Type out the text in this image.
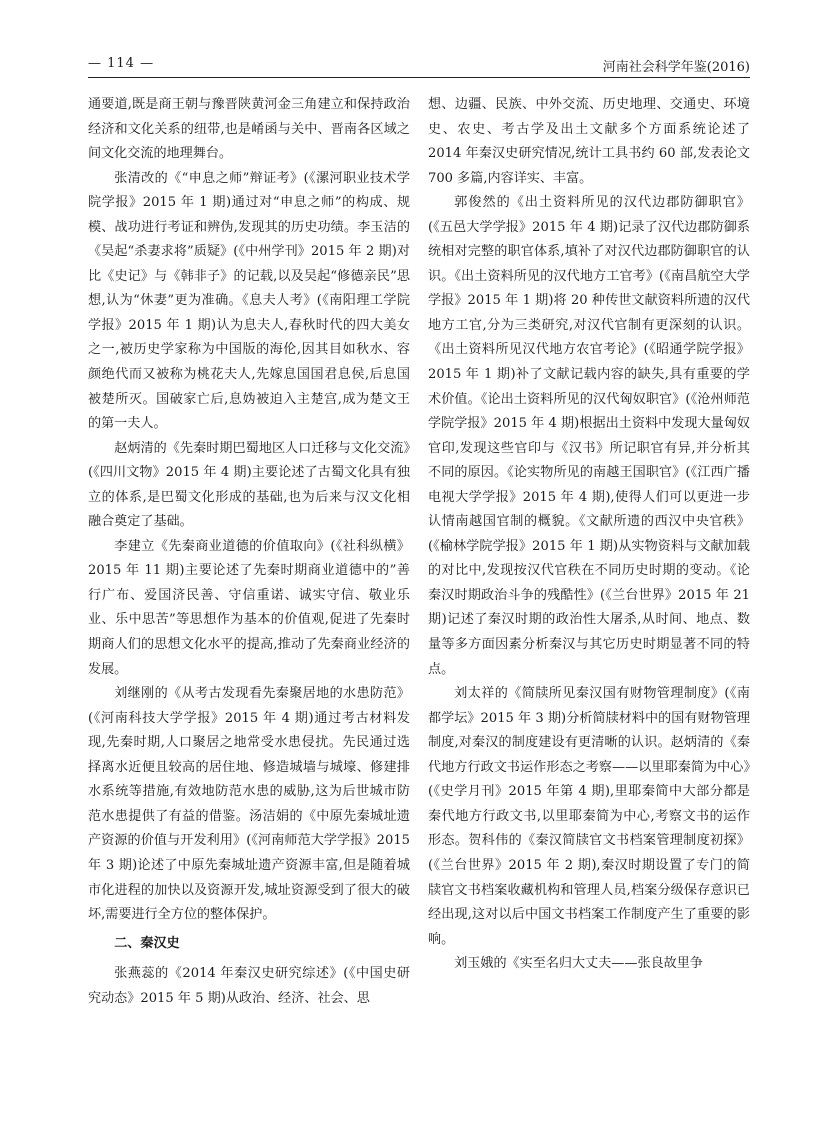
— 114 —	河南社会科学年鉴(2016)

通要道,既是商王朝与豫晋陕黄河金三角建立和保持政治经济和文化关系的纽带,也是崤函与关中、晋南各区域之间文化交流的地理舞台。

张清改的《“申息之师”辩证考》(《漯河职业技术学院学报》2015 年 1 期)通过对“申息之师”的构成、规模、战功进行考证和辨伪,发现其的历史功绩。李玉洁的《吴起“杀妻求将”质疑》(《中州学刊》2015 年 2 期)对比《史记》与《韩非子》的记载,以及吴起“修德亲民”思想,认为“休妻”更为准确。《息夫人考》(《南阳理工学院学报》2015 年 1 期)认为息夫人,春秋时代的四大美女之一,被历史学家称为中国版的海伦,因其目如秋水、容颜绝代而又被称为桃花夫人,先嫁息国国君息侯,后息国被楚所灭。国破家亡后,息妫被迫入主楚宫,成为楚文王的第一夫人。

赵炳清的《先秦时期巴蜀地区人口迁移与文化交流》(《四川文物》2015 年 4 期)主要论述了古蜀文化具有独立的体系,是巴蜀文化形成的基础,也为后来与汉文化相融合奠定了基础。

李建立《先秦商业道德的价值取向》(《社科纵横》2015 年 11 期)主要论述了先秦时期商业道德中的”善行广布、爱国济民善、守信重诺、诚实守信、敬业乐业、乐中思苦”等思想作为基本的价值观,促进了先秦时期商人们的思想文化水平的提高,推动了先秦商业经济的发展。

刘继刚的《从考古发现看先秦聚居地的水患防范》(《河南科技大学学报》2015 年 4 期)通过考古材料发现,先秦时期,人口聚居之地常受水患侵扰。先民通过选择离水近便且较高的居住地、修造城墙与城壕、修建排水系统等措施,有效地防范水患的威胁,这为后世城市防范水患提供了有益的借鉴。汤洁娟的《中原先秦城址遗产资源的价值与开发利用》(《河南师范大学学报》2015 年 3 期)论述了中原先秦城址遗产资源丰富,但是随着城市化进程的加快以及资源开发,城址资源受到了很大的破坏,需要进行全方位的整体保护。

二、秦汉史

张燕蕊的《2014 年秦汉史研究综述》(《中国史研究动态》2015 年 5 期)从政治、经济、社会、思

想、边疆、民族、中外交流、历史地理、交通史、环境史、农史、考古学及出土文献多个方面系统论述了 2014 年秦汉史研究情况,统计工具书约 60 部,发表论文 700 多篇,内容详实、丰富。

郭俊然的《出土资料所见的汉代边郡防御职官》(《五邑大学学报》2015 年 4 期)记录了汉代边郡防御系统相对完整的职官体系,填补了对汉代边郡防御职官的认识。《出土资料所见的汉代地方工官考》(《南昌航空大学学报》2015 年 1 期)将 20 种传世文献资料所遗的汉代地方工官,分为三类研究,对汉代官制有更深刻的认识。《出土资料所见汉代地方农官考论》(《昭通学院学报》2015 年 1 期)补了文献记载内容的缺失,具有重要的学术价值。《论出土资料所见的汉代匈奴职官》(《沧州师范学院学报》2015 年 4 期)根据出土资料中发现大量匈奴官印,发现这些官印与《汉书》所记职官有异,并分析其不同的原因。《论实物所见的南越王国职官》(《江西广播电视大学学报》2015 年 4 期),使得人们可以更进一步认情南越国官制的概貌。《文献所遗的西汉中央官秩》(《榆林学院学报》2015 年 1 期)从实物资料与文献加载的对比中,发现按汉代官秩在不同历史时期的变动。《论秦汉时期政治斗争的残酷性》(《兰台世界》2015 年 21 期)记述了秦汉时期的政治性大屠杀,从时间、地点、数量等多方面因素分析秦汉与其它历史时期显著不同的特点。

刘太祥的《简牍所见秦汉国有财物管理制度》(《南都学坛》2015 年 3 期)分析简牍材料中的国有财物管理制度,对秦汉的制度建设有更清晰的认识。赵炳清的《秦代地方行政文书运作形态之考察——以里耶秦简为中心》(《史学月刊》2015 年第 4 期),里耶秦简中大部分都是秦代地方行政文书,以里耶秦简为中心,考察文书的运作形态。贺科伟的《秦汉简牍官文书档案管理制度初探》(《兰台世界》2015 年 2 期),秦汉时期设置了专门的简牍官文书档案收藏机构和管理人员,档案分级保存意识已经出现,这对以后中国文书档案工作制度产生了重要的影响。

刘玉娥的《实至名归大丈夫——张良故里争
